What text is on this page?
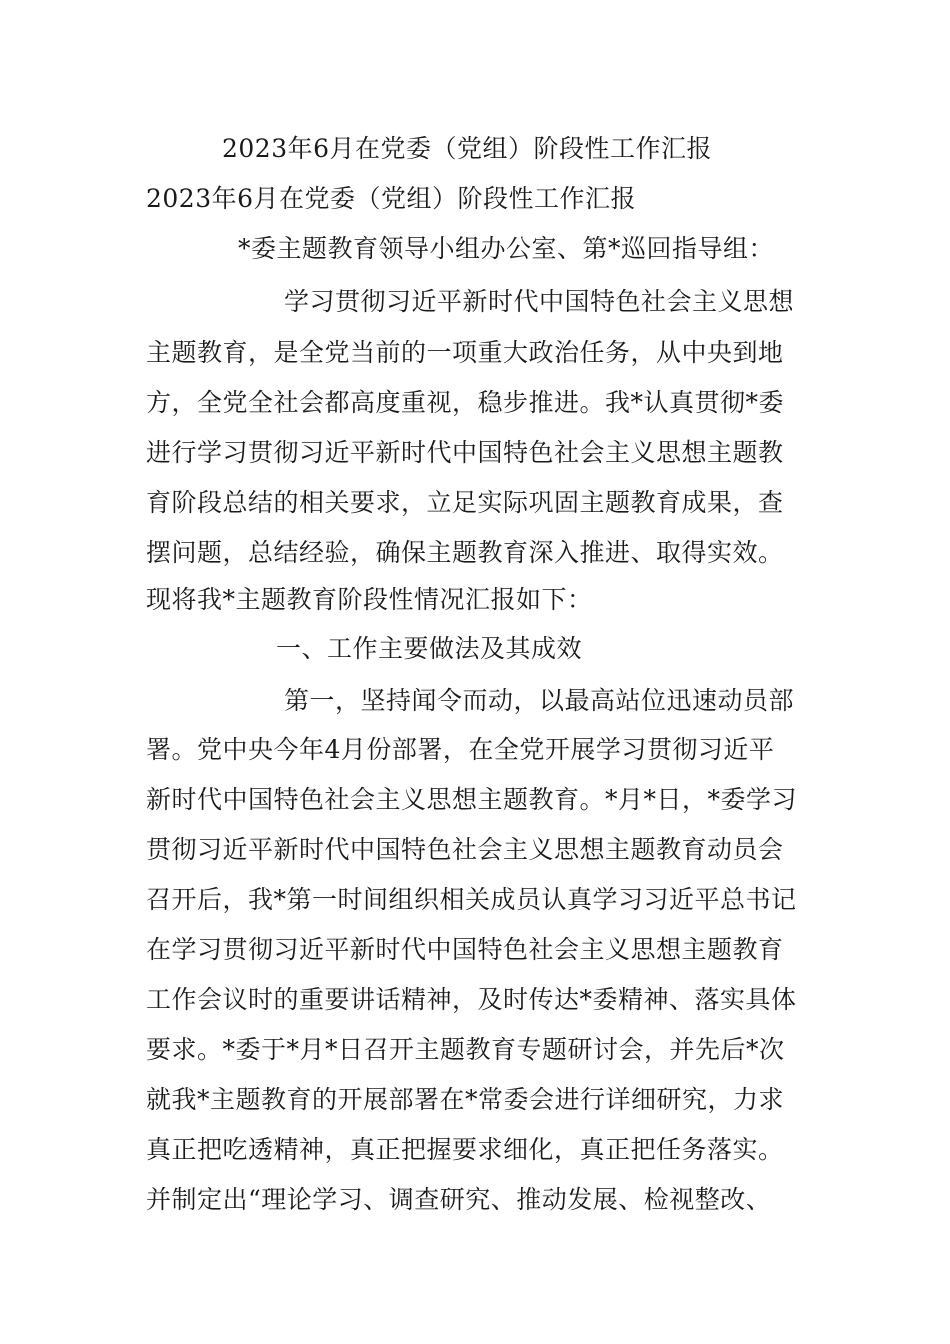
2023年6月在党委（党组）阶段性工作汇报
2023年6月在党委（党组）阶段性工作汇报
*委主题教育领导小组办公室、第*巡回指导组：
学习贯彻习近平新时代中国特色社会主义思想
主题教育，是全党当前的一项重大政治任务，从中央到地
方，全党全社会都高度重视，稳步推进。我*认真贯彻*委
进行学习贯彻习近平新时代中国特色社会主义思想主题教
育阶段总结的相关要求，立足实际巩固主题教育成果，查
摆问题，总结经验，确保主题教育深入推进、取得实效。
现将我*主题教育阶段性情况汇报如下：
一、工作主要做法及其成效
第一，坚持闻令而动，以最高站位迅速动员部
署。党中央今年4月份部署，在全党开展学习贯彻习近平
新时代中国特色社会主义思想主题教育。*月*日，*委学习
贯彻习近平新时代中国特色社会主义思想主题教育动员会
召开后，我*第一时间组织相关成员认真学习习近平总书记
在学习贯彻习近平新时代中国特色社会主义思想主题教育
工作会议时的重要讲话精神，及时传达*委精神、落实具体
要求。*委于*月*日召开主题教育专题研讨会，并先后*次
就我*主题教育的开展部署在*常委会进行详细研究，力求
真正把吃透精神，真正把握要求细化，真正把任务落实。
并制定出“理论学习、调查研究、推动发展、检视整改、
